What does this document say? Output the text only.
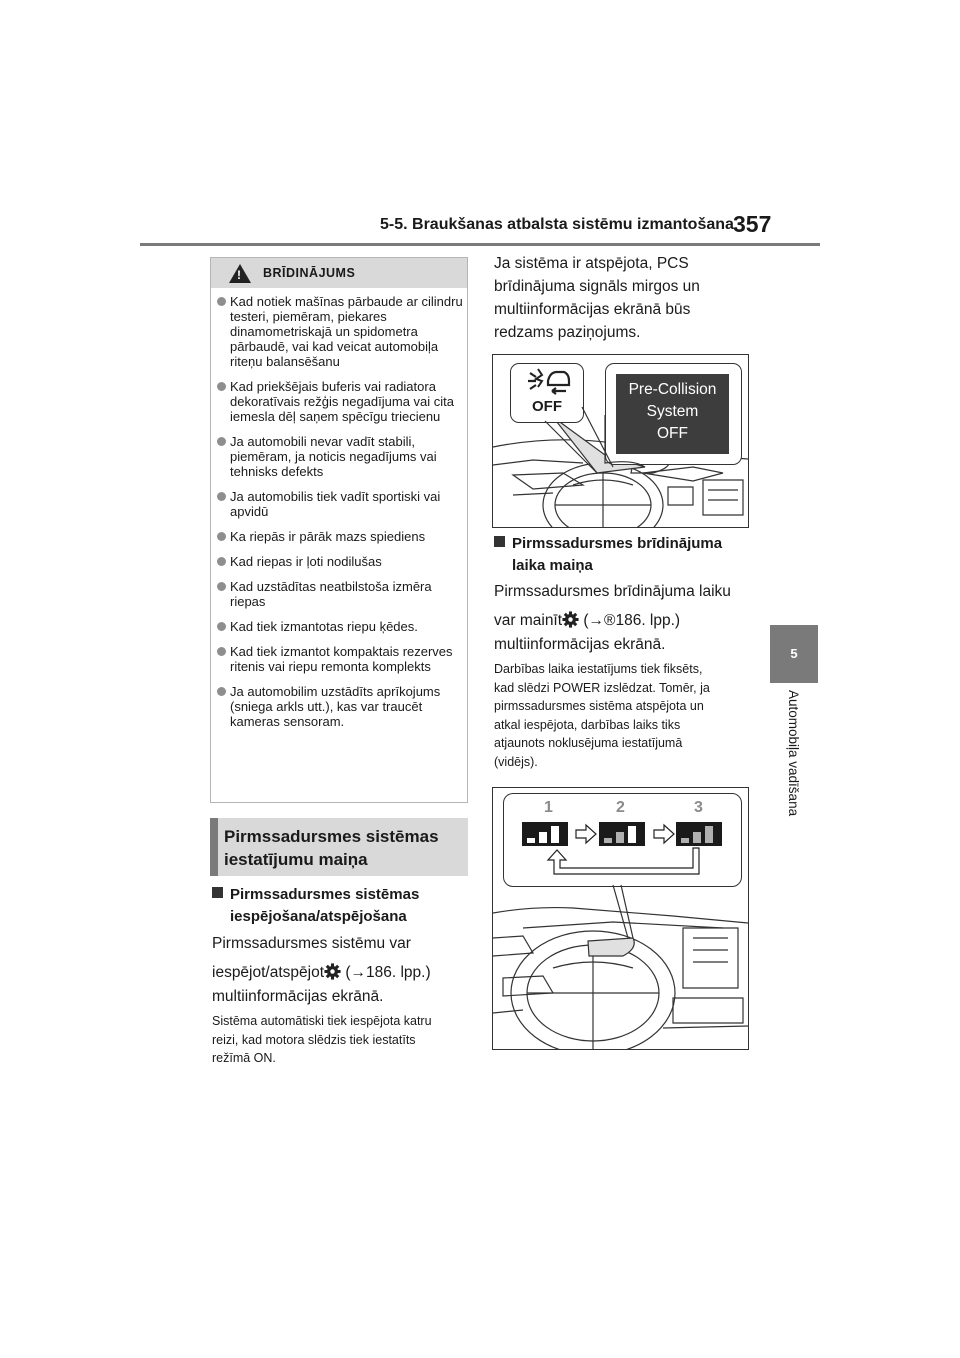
5-5. Braukšanas atbalsta sistēmu izmantošana 357
5
Automobiļa vadīšana
!
BRĪDINĀJUMS
Kad notiek mašīnas pārbaude ar cilindru testeri, piemēram, piekares dinamometriskajā un spidometra pārbaudē, vai kad veicat automobiļa riteņu balansēšanu
Kad priekšējais buferis vai radiatora dekoratīvais režģis negadījuma vai cita iemesla dēļ saņem spēcīgu triecienu
Ja automobili nevar vadīt stabili, piemēram, ja noticis negadījums vai tehnisks defekts
Ja automobilis tiek vadīt sportiski vai apvidū
Ka riepās ir pārāk mazs spiediens
Kad riepas ir ļoti nodilušas
Kad uzstādītas neatbilstoša izmēra riepas
Kad tiek izmantotas riepu ķēdes.
Kad tiek izmantot kompaktais rezerves ritenis vai riepu remonta komplekts
Ja automobilim uzstādīts aprīkojums (sniega arkls utt.), kas var traucēt kameras sensoram.
Pirmssadursmes sistēmas
iestatījumu maiņa
Pirmssadursmes sistēmas
iespējošana/atspējošana
Pirmssadursmes sistēmu var
iespējot/atspējot (→186. lpp.)
multiinformācijas ekrānā.
Sistēma automātiski tiek iespējota katru
reizi, kad motora slēdzis tiek iestatīts
režīmā ON.
Ja sistēma ir atspējota, PCS
brīdinājuma signāls mirgos un
multiinformācijas ekrānā būs
redzams paziņojums.
OFF
Pre-Collision
System
OFF
Pirmssadursmes brīdinājuma
laika maiņa
Pirmssadursmes brīdinājuma laiku
var mainīt (→®186. lpp.)
multiinformācijas ekrānā.
Darbības laika iestatījums tiek fiksēts,
kad slēdzi POWER izslēdzat. Tomēr, ja
pirmssadursmes sistēma atspējota un
atkal iespējota, darbības laiks tiks
atjaunots noklusējuma iestatījumā
(vidējs).
1	2	3
